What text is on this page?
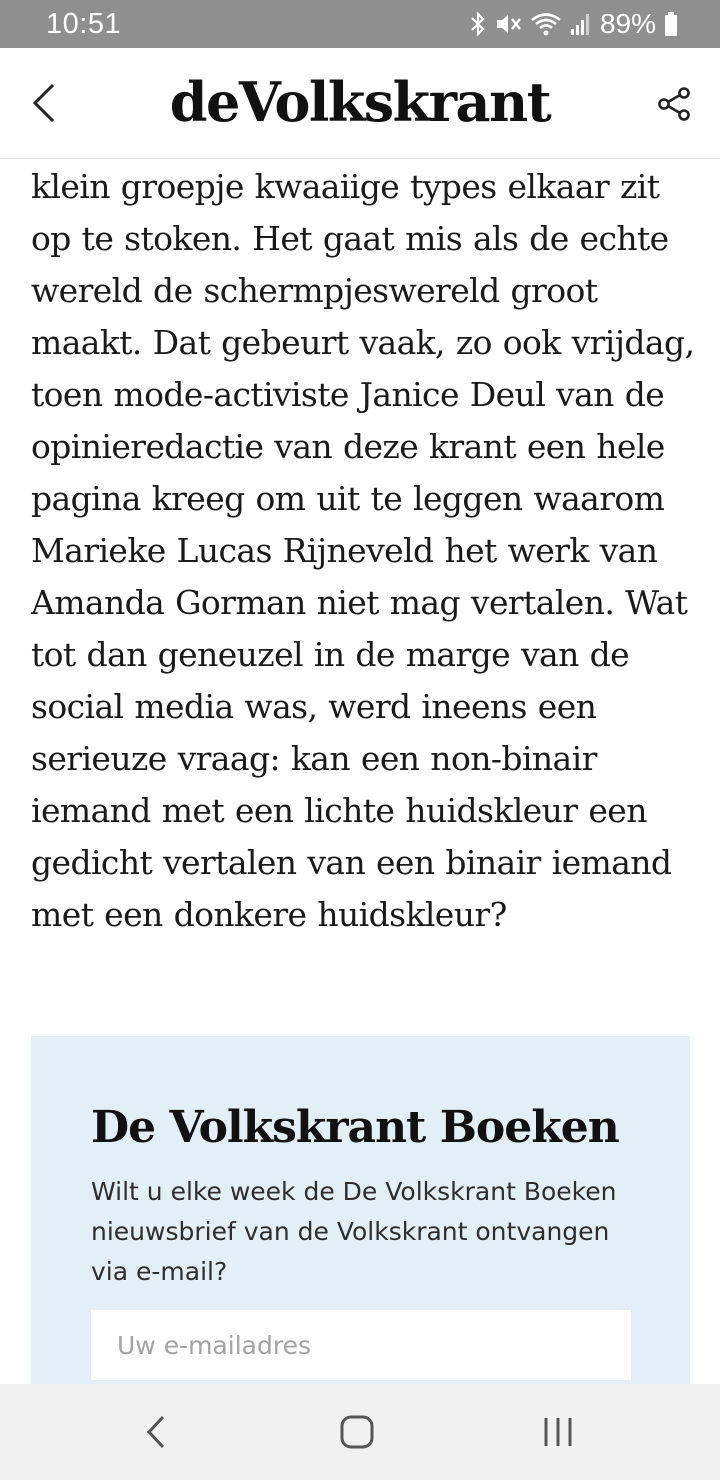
10:51	89%
deVolkskrant

klein groepje kwaaiige types elkaar zit op te stoken. Het gaat mis als de echte wereld de schermpjeswereld groot maakt. Dat gebeurt vaak, zo ook vrijdag, toen mode-activiste Janice Deul van de opinieredactie van deze krant een hele pagina kreeg om uit te leggen waarom Marieke Lucas Rijneveld het werk van Amanda Gorman niet mag vertalen. Wat tot dan geneuzel in de marge van de social media was, werd ineens een serieuze vraag: kan een non-binair iemand met een lichte huidskleur een gedicht vertalen van een binair iemand met een donkere huidskleur?

De Volkskrant Boeken
Wilt u elke week de De Volkskrant Boeken nieuwsbrief van de Volkskrant ontvangen via e-mail?
Uw e-mailadres
